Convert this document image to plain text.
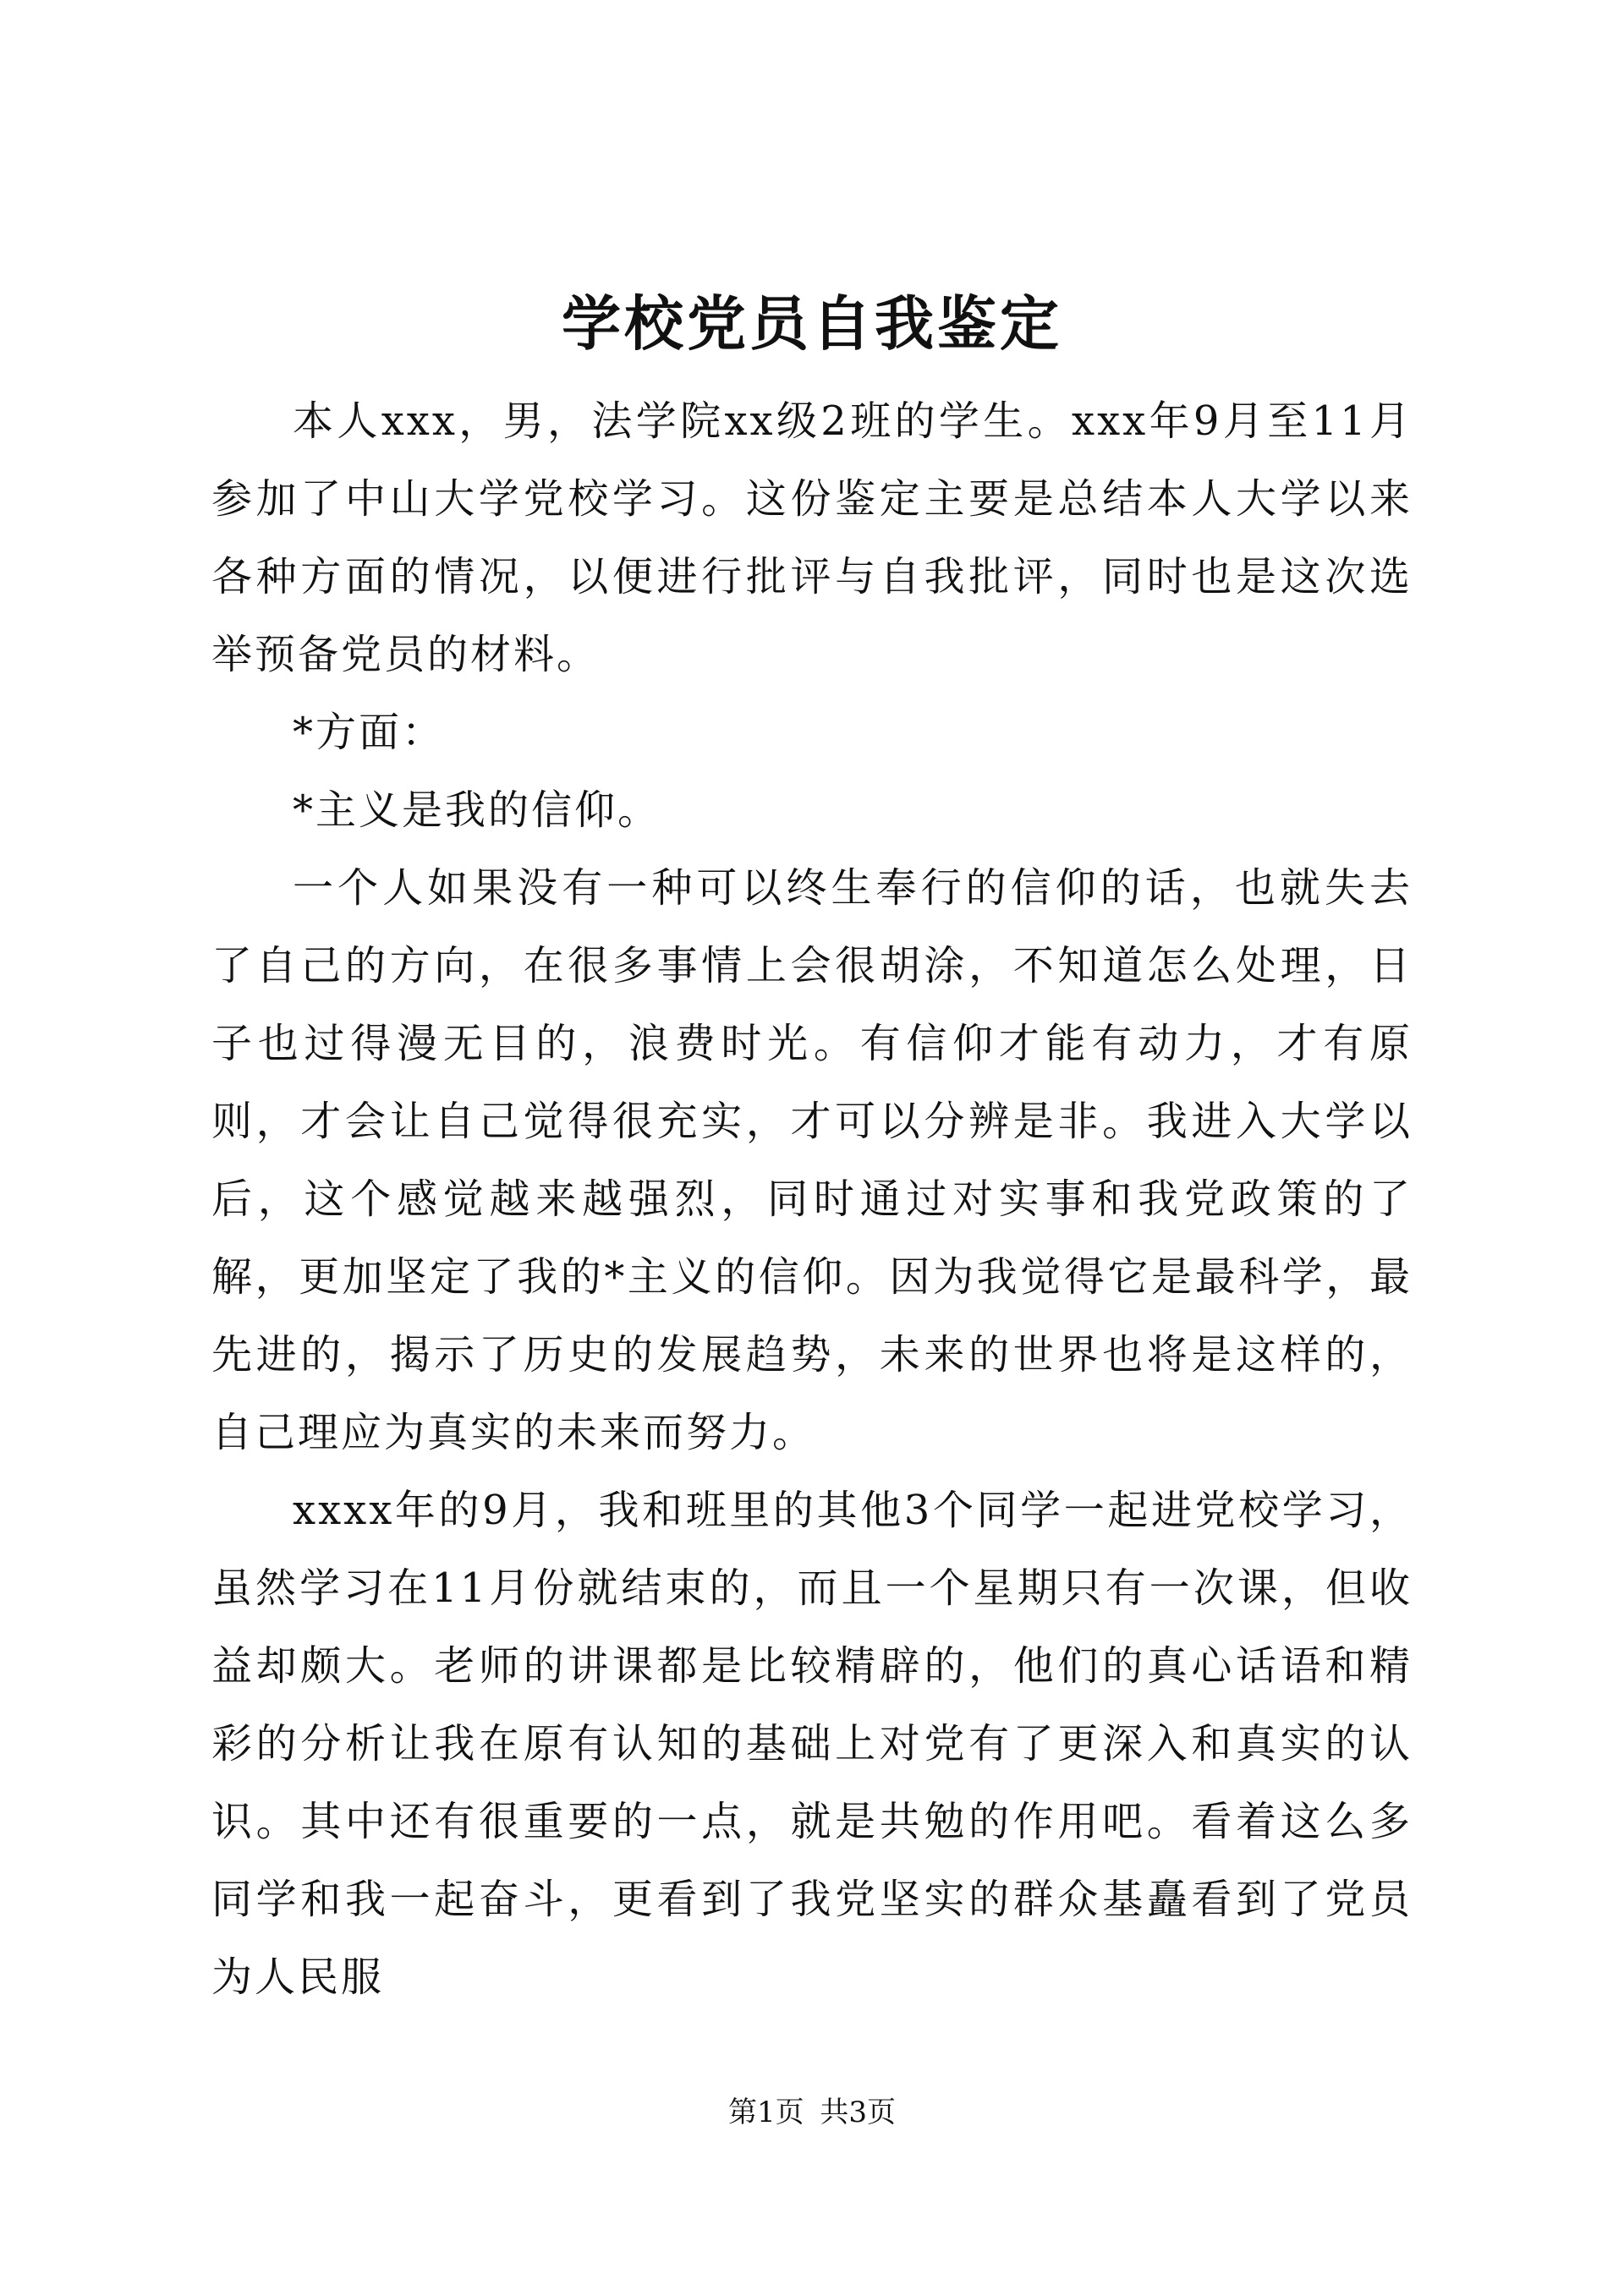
学校党员自我鉴定

本人xxx，男，法学院xx级2班的学生。xxx年9月至11月参加了中山大学党校学习。这份鉴定主要是总结本人大学以来各种方面的情况，以便进行批评与自我批评，同时也是这次选举预备党员的材料。

*方面：

*主义是我的信仰。

一个人如果没有一种可以终生奉行的信仰的话，也就失去了自己的方向，在很多事情上会很胡涂，不知道怎么处理，日子也过得漫无目的，浪费时光。有信仰才能有动力，才有原则，才会让自己觉得很充实，才可以分辨是非。我进入大学以后，这个感觉越来越强烈，同时通过对实事和我党政策的了解，更加坚定了我的*主义的信仰。因为我觉得它是最科学，最先进的，揭示了历史的发展趋势，未来的世界也将是这样的，自己理应为真实的未来而努力。

xxxx年的9月，我和班里的其他3个同学一起进党校学习，虽然学习在11月份就结束的，而且一个星期只有一次课，但收益却颇大。老师的讲课都是比较精辟的，他们的真心话语和精彩的分析让我在原有认知的基础上对党有了更深入和真实的认识。其中还有很重要的一点，就是共勉的作用吧。看着这么多同学和我一起奋斗，更看到了我党坚实的群众基矗看到了党员为人民服

第1页 共3页
